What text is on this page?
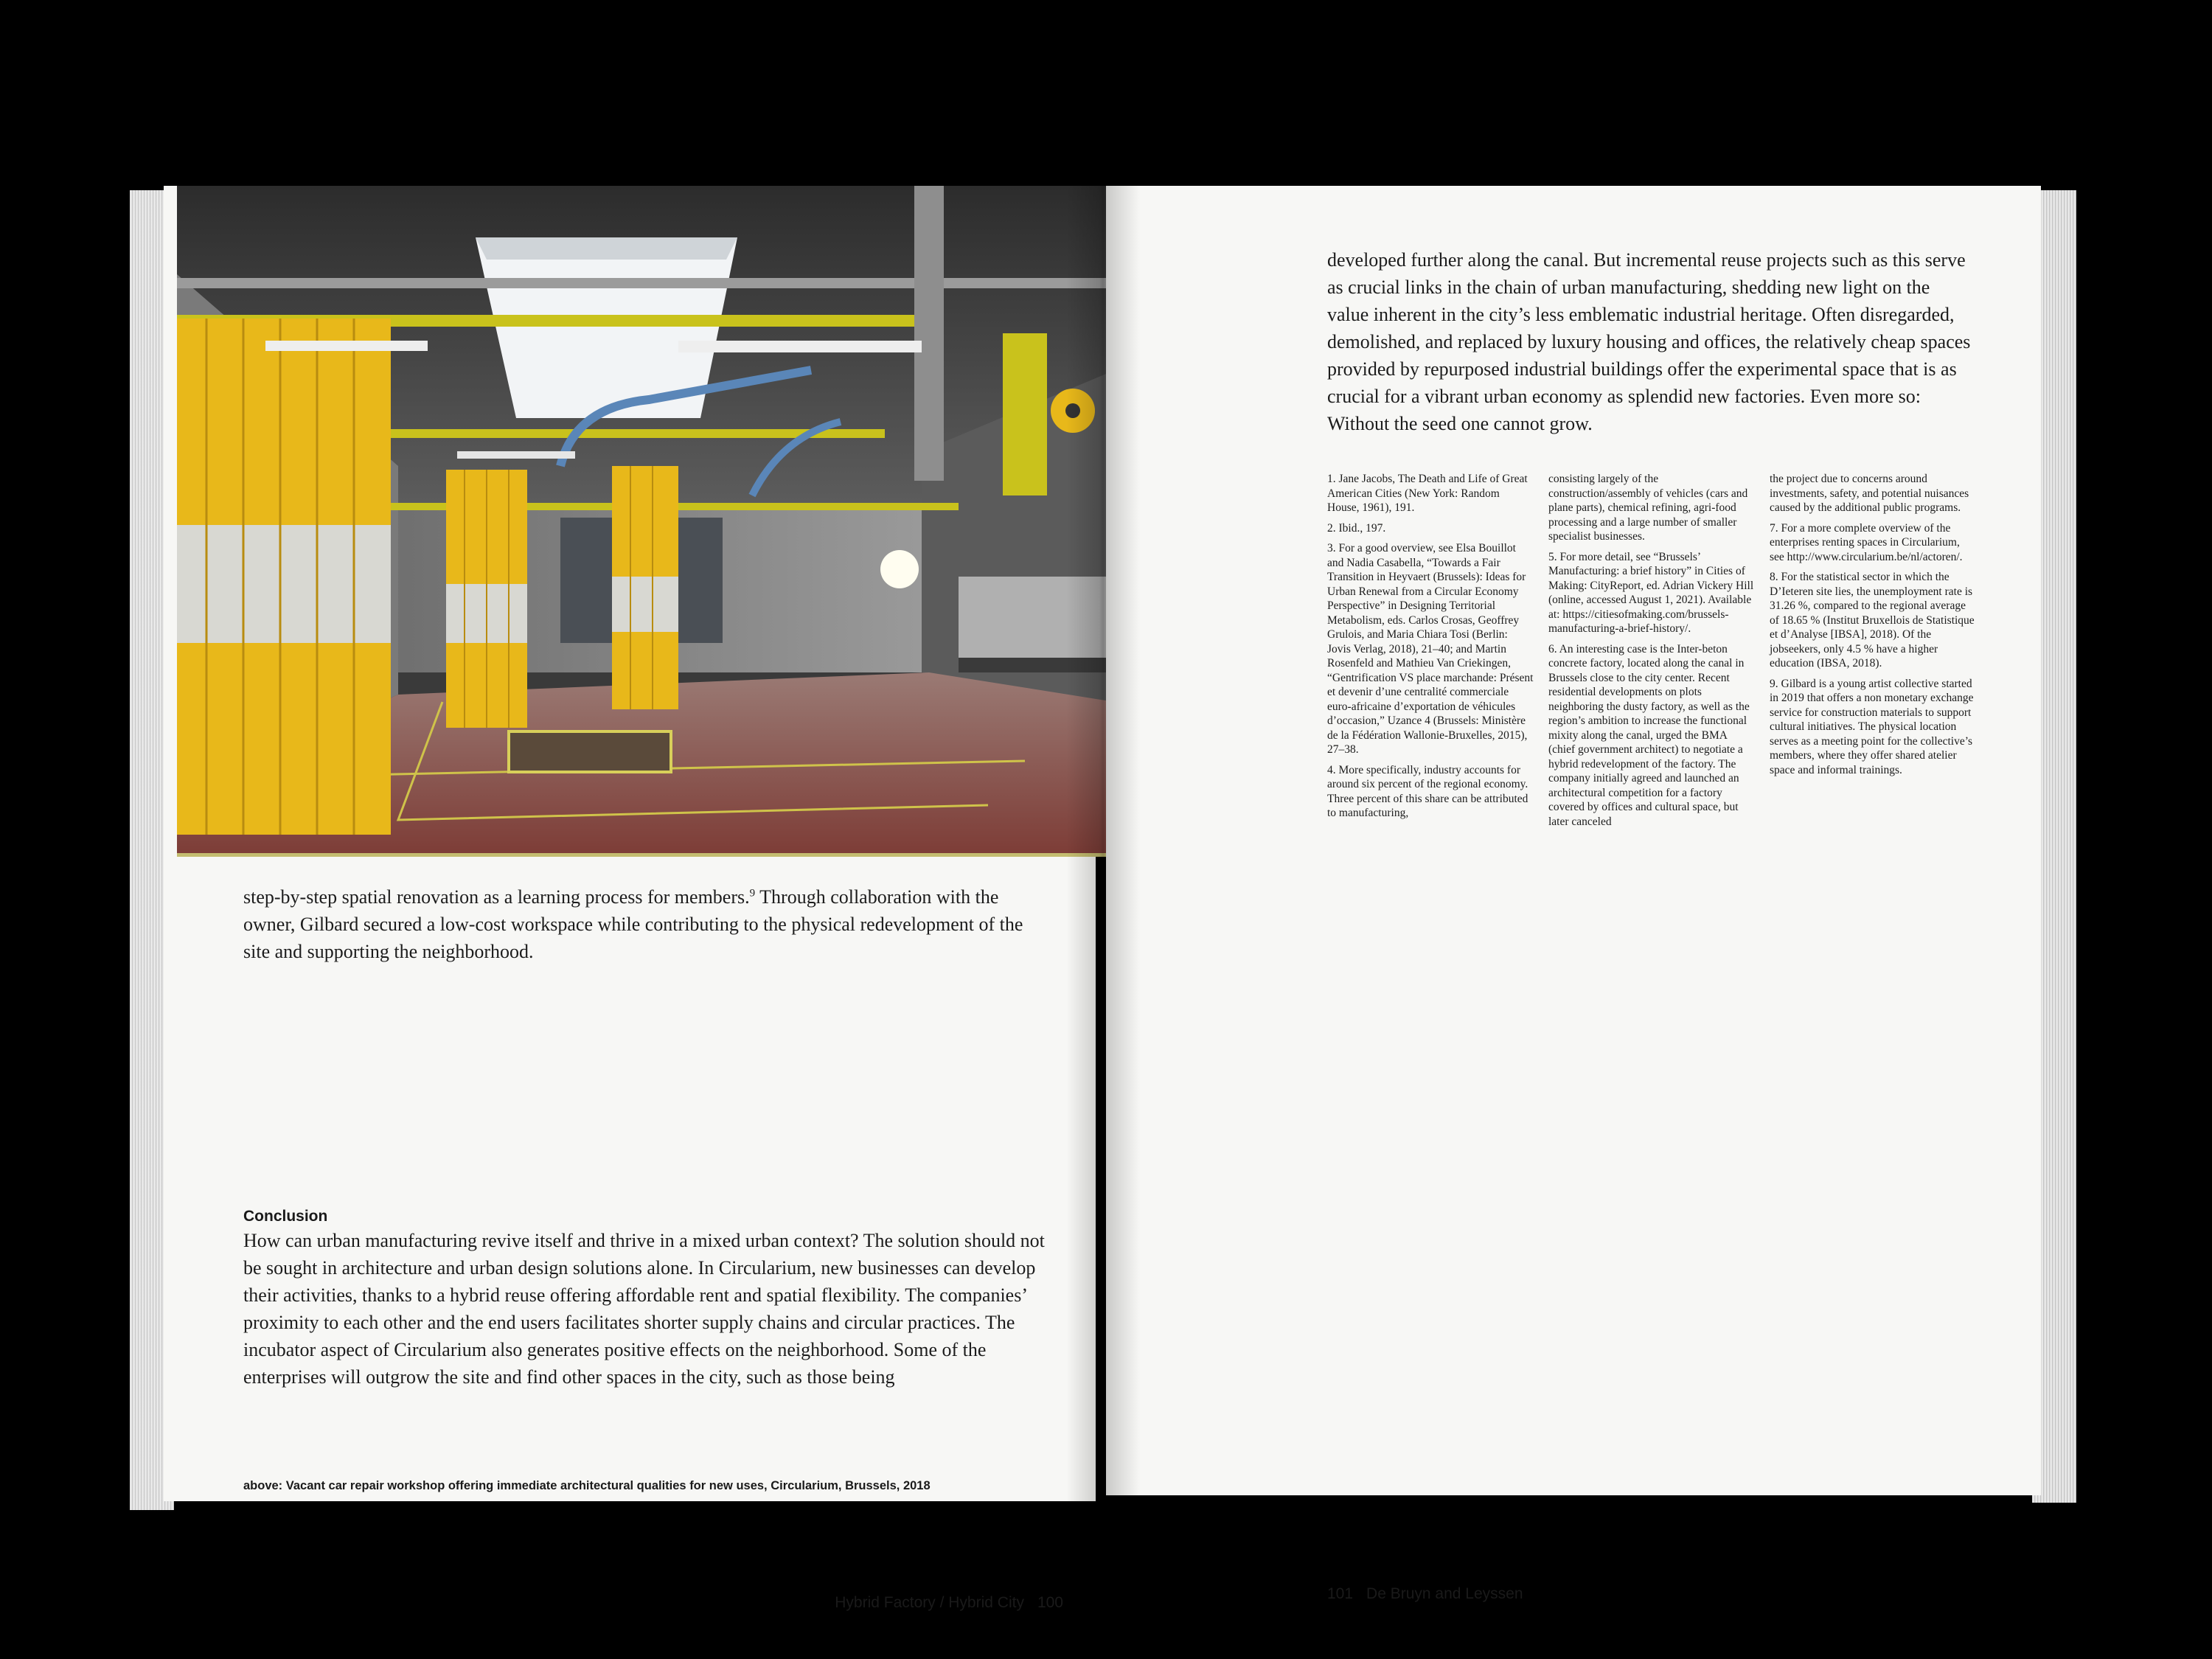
step-by-step spatial renovation as a learning process for members.$^9$ Through collaboration with the owner, Gilbard secured a low-cost workspace while contributing to the physical redevelopment of the site and supporting the neighborhood.
Conclusion
How can urban manufacturing revive itself and thrive in a mixed urban context? The solution should not be sought in architecture and urban design solutions alone. In Circularium, new businesses can develop their activities, thanks to a hybrid reuse offering affordable rent and spatial flexibility. The companies’ proximity to each other and the end users facilitates shorter supply chains and circular practices. The incubator aspect of Circularium also generates positive effects on the neighborhood. Some of the enterprises will outgrow the site and find other spaces in the city, such as those being
above: Vacant car repair workshop offering immediate architectural qualities for new uses, Circularium, Brussels, 2018
Hybrid Factory / Hybrid City 100
developed further along the canal. But incremental reuse projects such as this serve as crucial links in the chain of urban manufacturing, shedding new light on the value inherent in the city’s less emblematic industrial heritage. Often disregarded, demolished, and replaced by luxury housing and offices, the relatively cheap spaces provided by repurposed industrial buildings offer the experimental space that is as crucial for a vibrant urban economy as splendid new factories. Even more so: Without the seed one cannot grow.

1. Jane Jacobs, The Death and Life of Great American Cities (New York: Random House, 1961), 191.

2. Ibid., 197.

3. For a good overview, see Elsa Bouillot and Nadia Casabella, “Towards a Fair Transition in Heyvaert (Brussels): Ideas for Urban Renewal from a Circular Economy Perspective” in Designing Territorial Metabolism, eds. Carlos Crosas, Geoffrey Grulois, and Maria Chiara Tosi (Berlin: Jovis Verlag, 2018), 21–40; and Martin Rosenfeld and Mathieu Van Criekingen, “Gentrification VS place marchande: Présent et devenir d’une centralité commerciale euro-africaine d’exportation de véhicules d’occasion,” Uzance 4 (Brussels: Ministère de la Fédération Wallonie-Bruxelles, 2015), 27–38.

4. More specifically, industry accounts for around six percent of the regional economy. Three percent of this share can be attributed to manufacturing,

consisting largely of the construction/assembly of vehicles (cars and plane parts), chemical refining, agri-food processing and a large number of smaller specialist businesses.

5. For more detail, see “Brussels’ Manufacturing: a brief history” in Cities of Making: CityReport, ed. Adrian Vickery Hill (online, accessed August 1, 2021). Available at: https://citiesofmaking.com/brussels-manufacturing-a-brief-history/.

6. An interesting case is the Inter-beton concrete factory, located along the canal in Brussels close to the city center. Recent residential developments on plots neighboring the dusty factory, as well as the region’s ambition to increase the functional mixity along the canal, urged the BMA (chief government architect) to negotiate a hybrid redevelopment of the factory. The company initially agreed and launched an architectural competition for a factory covered by offices and cultural space, but later canceled

the project due to concerns around investments, safety, and potential nuisances caused by the additional public programs.

7. For a more complete overview of the enterprises renting spaces in Circularium, see http://www.circularium.be/nl/actoren/.

8. For the statistical sector in which the D’Ieteren site lies, the unemployment rate is 31.26 %, compared to the regional average of 18.65 % (Institut Bruxellois de Statistique et d’Analyse [IBSA], 2018). Of the jobseekers, only 4.5 % have a higher education (IBSA, 2018).

9. Gilbard is a young artist collective started in 2019 that offers a non monetary exchange service for construction materials to support cultural initiatives. The physical location serves as a meeting point for the collective’s members, where they offer shared atelier space and informal trainings.

101 De Bruyn and Leyssen
